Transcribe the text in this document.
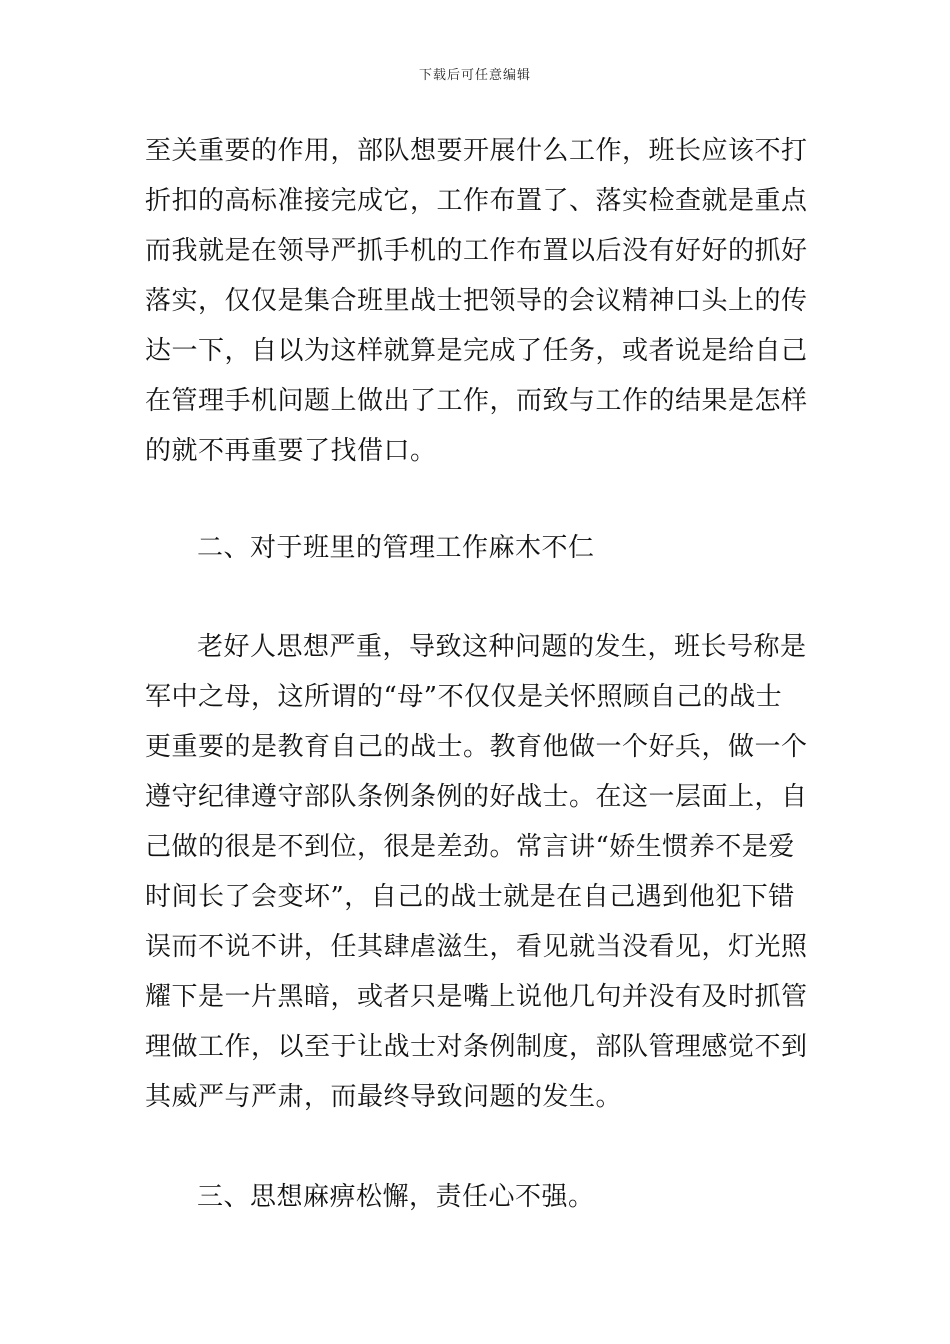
下载后可任意编辑
至关重要的作用，部队想要开展什么工作，班长应该不打
折扣的高标准接完成它，工作布置了、落实检查就是重点
而我就是在领导严抓手机的工作布置以后没有好好的抓好
落实，仅仅是集合班里战士把领导的会议精神口头上的传
达一下，自以为这样就算是完成了任务，或者说是给自己
在管理手机问题上做出了工作，而致与工作的结果是怎样
的就不再重要了找借口。
二、对于班里的管理工作麻木不仁
老好人思想严重，导致这种问题的发生，班长号称是
军中之母，这所谓的“母”不仅仅是关怀照顾自己的战士
更重要的是教育自己的战士。教育他做一个好兵，做一个
遵守纪律遵守部队条例条例的好战士。在这一层面上，自
己做的很是不到位，很是差劲。常言讲“娇生惯养不是爱
时间长了会变坏”，自己的战士就是在自己遇到他犯下错
误而不说不讲，任其肆虐滋生，看见就当没看见，灯光照
耀下是一片黑暗，或者只是嘴上说他几句并没有及时抓管
理做工作，以至于让战士对条例制度，部队管理感觉不到
其威严与严肃，而最终导致问题的发生。
三、思想麻痹松懈，责任心不强。
